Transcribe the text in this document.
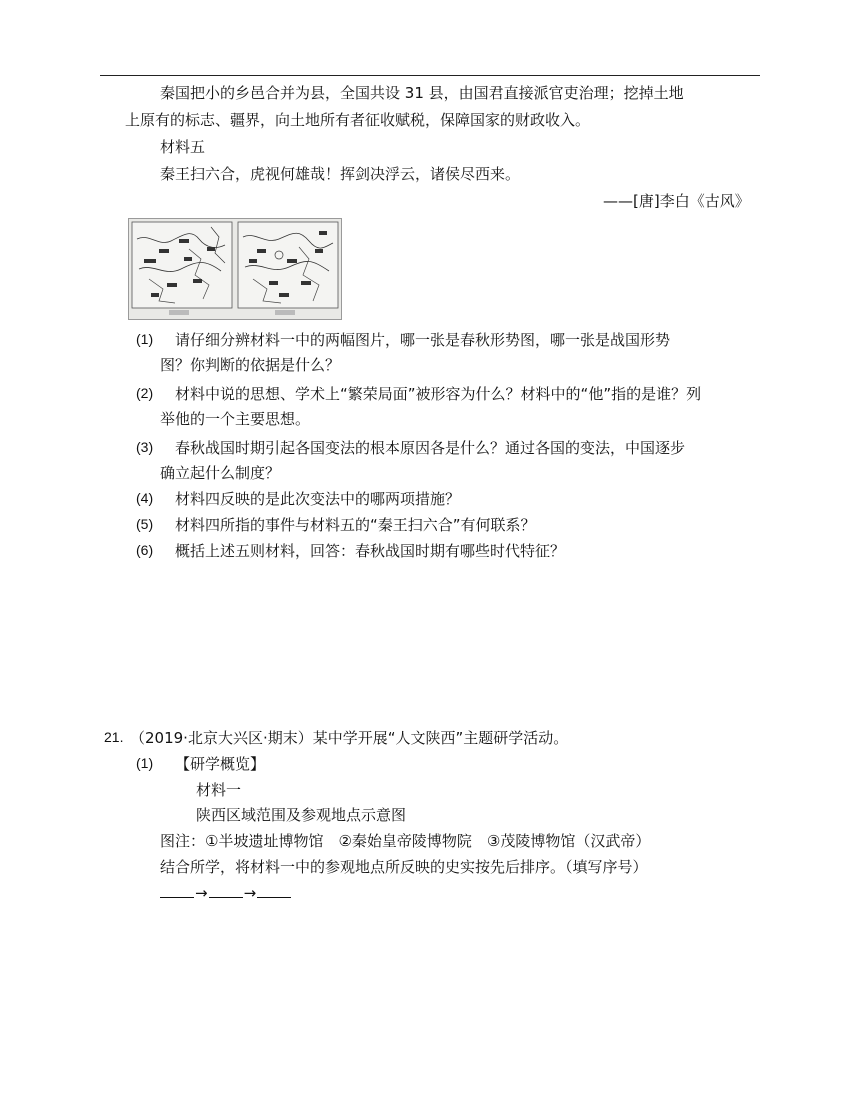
秦国把小的乡邑合并为县，全国共设 31 县，由国君直接派官吏治理；挖掉土地
上原有的标志、疆界，向土地所有者征收赋税，保障国家的财政收入。
材料五
秦王扫六合，虎视何雄哉！挥剑决浮云，诸侯尽西来。
——[唐]李白《古风》
(1) 请仔细分辨材料一中的两幅图片，哪一张是春秋形势图，哪一张是战国形势
图？你判断的依据是什么？
(2) 材料中说的思想、学术上“繁荣局面”被形容为什么？材料中的“他”指的是谁？列
举他的一个主要思想。
(3) 春秋战国时期引起各国变法的根本原因各是什么？通过各国的变法，中国逐步
确立起什么制度？
(4) 材料四反映的是此次变法中的哪两项措施？
(5) 材料四所指的事件与材料五的“秦王扫六合”有何联系？
(6) 概括上述五则材料，回答：春秋战国时期有哪些时代特征？
21. （2019·北京大兴区·期末）某中学开展“人文陕西”主题研学活动。
(1) 【研学概览】
材料一
陕西区域范围及参观地点示意图
图注：①半坡遗址博物馆　②秦始皇帝陵博物院　③茂陵博物馆（汉武帝）
结合所学，将材料一中的参观地点所反映的史实按先后排序。（填写序号）
→ →
